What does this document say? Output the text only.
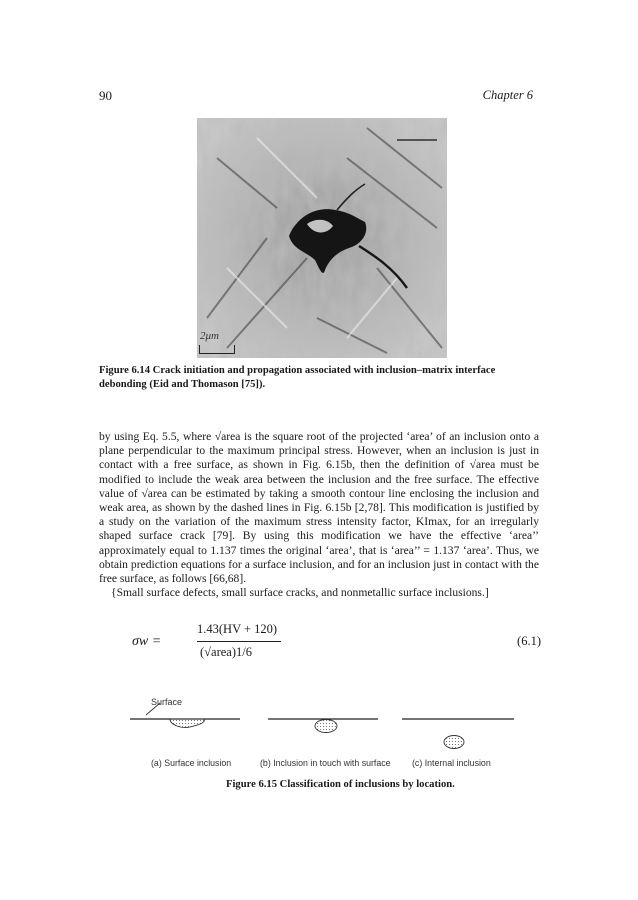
90	Chapter 6
2μm
Figure 6.14 Crack initiation and propagation associated with inclusion–matrix interface debonding (Eid and Thomason [75]).

by using Eq. 5.5, where √area is the square root of the projected ‘area’ of an inclusion onto a plane perpendicular to the maximum principal stress. However, when an inclusion is just in contact with a free surface, as shown in Fig. 6.15b, then the definition of √area must be modified to include the weak area between the inclusion and the free surface. The effective value of √area can be estimated by taking a smooth contour line enclosing the inclusion and weak area, as shown by the dashed lines in Fig. 6.15b [2,78]. This modification is justified by a study on the variation of the maximum stress intensity factor, KImax, for an irregularly shaped surface crack [79]. By using this modification we have the effective ‘area’’ approximately equal to 1.137 times the original ‘area’, that is ‘area’’ = 1.137 ‘area’. Thus, we obtain prediction equations for a surface inclusion, and for an inclusion just in contact with the free surface, as follows [66,68].

{Small surface defects, small surface cracks, and nonmetallic surface inclusions.]

σw =
1.43(HV + 120)
(√area)1/6
(6.1)
Surface
(a) Surface inclusion	(b) Inclusion in touch with surface (c) Internal inclusion
Figure 6.15 Classification of inclusions by location.
